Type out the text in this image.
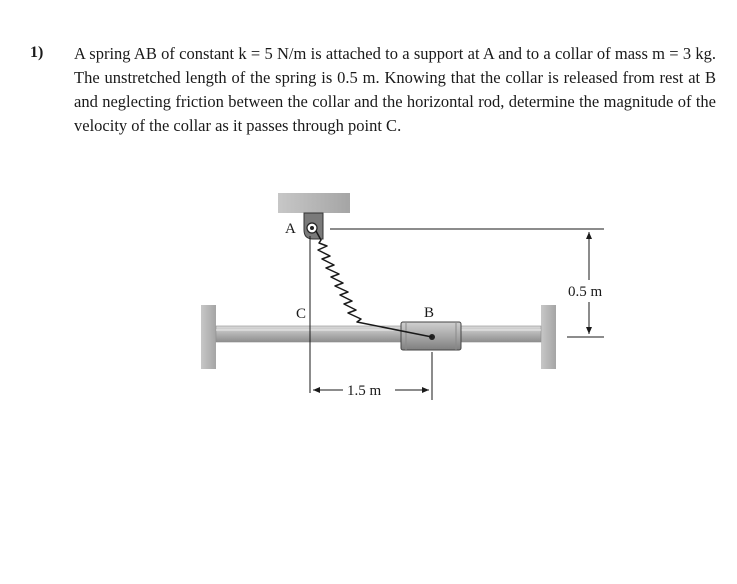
1) A spring AB of constant k = 5 N/m is attached to a support at A and to a collar of mass m = 3 kg. The unstretched length of the spring is 0.5 m. Knowing that the collar is released from rest at B and neglecting friction between the collar and the horizontal rod, determine the magnitude of the velocity of the collar as it passes through point C.
0.5 m
1.5 m
A
B
C
